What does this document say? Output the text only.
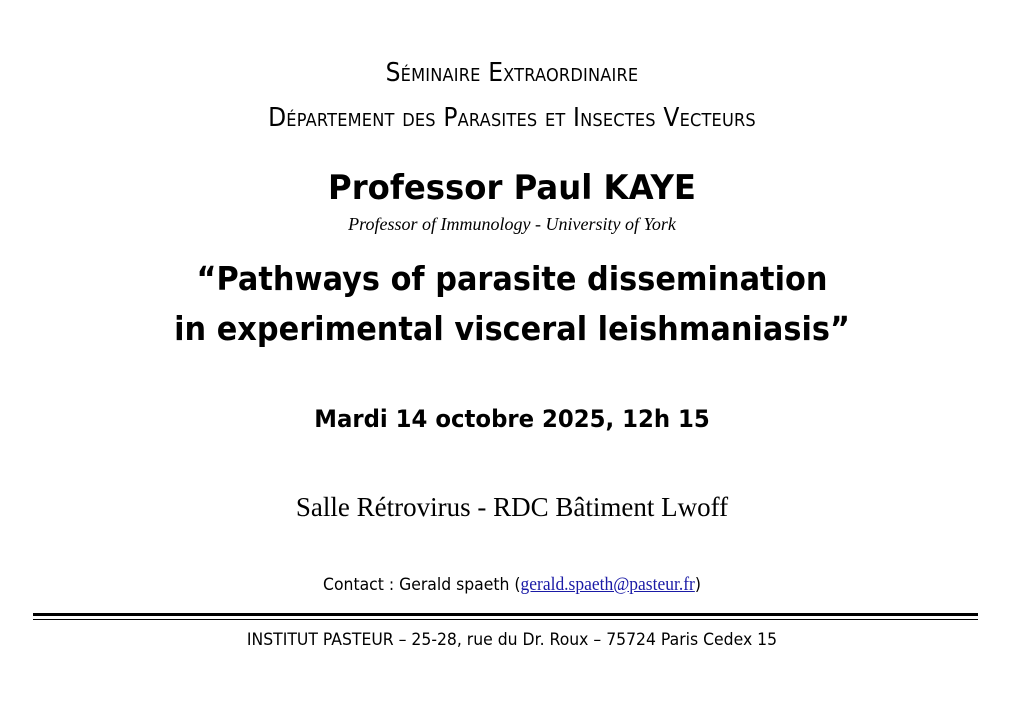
Séminaire Extraordinaire
Département des Parasites et Insectes Vecteurs
Professor Paul KAYE
Professor of Immunology - University of York
“Pathways of parasite dissemination
in experimental visceral leishmaniasis”
Mardi 14 octobre 2025, 12h 15
Salle Rétrovirus - RDC Bâtiment Lwoff
Contact : Gerald spaeth (gerald.spaeth@pasteur.fr)
INSTITUT PASTEUR – 25-28, rue du Dr. Roux – 75724 Paris Cedex 15
